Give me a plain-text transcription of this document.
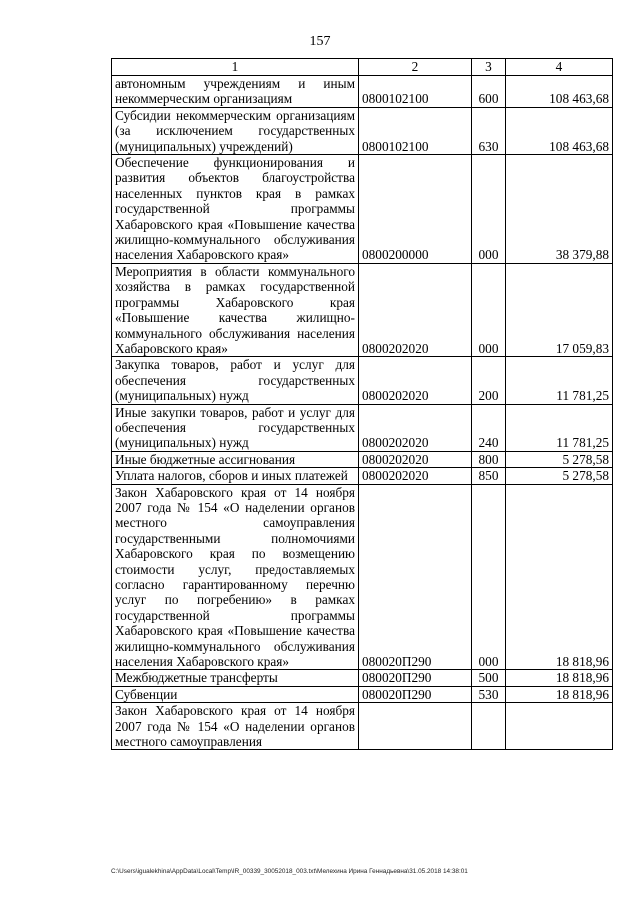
157
1	2	3	4
автономным учреждениям и иным некоммерческим организациям	0800102100	600	108 463,68
Субсидии некоммерческим организациям (за исключением государственных (муниципальных) учреждений)	0800102100	630	108 463,68
Обеспечение функционирования и развития объектов благоустройства населенных пунктов края в рамках государственной программы Хабаровского края «Повышение качества жилищно-коммунального обслуживания населения Хабаровского края»	0800200000	000	38 379,88
Мероприятия в области коммунального хозяйства в рамках государственной программы Хабаровского края «Повышение качества жилищно-коммунального обслуживания населения Хабаровского края»	0800202020	000	17 059,83
Закупка товаров, работ и услуг для обеспечения государственных (муниципальных) нужд	0800202020	200	11 781,25
Иные закупки товаров, работ и услуг для обеспечения государственных (муниципальных) нужд	0800202020	240	11 781,25
Иные бюджетные ассигнования	0800202020	800	5 278,58
Уплата налогов, сборов и иных платежей	0800202020	850	5 278,58
Закон Хабаровского края от 14 ноября 2007 года № 154 «О наделении органов местного самоуправления государственными полномочиями Хабаровского края по возмещению стоимости услуг, предоставляемых согласно гарантированному перечню услуг по погребению» в рамках государственной программы Хабаровского края «Повышение качества жилищно-коммунального обслуживания населения Хабаровского края»	080020П290	000	18 818,96
Межбюджетные трансферты	080020П290	500	18 818,96
Субвенции	080020П290	530	18 818,96
Закон Хабаровского края от 14 ноября 2007 года № 154 «О наделении органов местного самоуправления			
C:\Users\igualekhina\AppData\Local\Temp\IR_00339_30052018_003.txt\Мелехина Ирина Геннадьевна\31.05.2018 14:38:01
